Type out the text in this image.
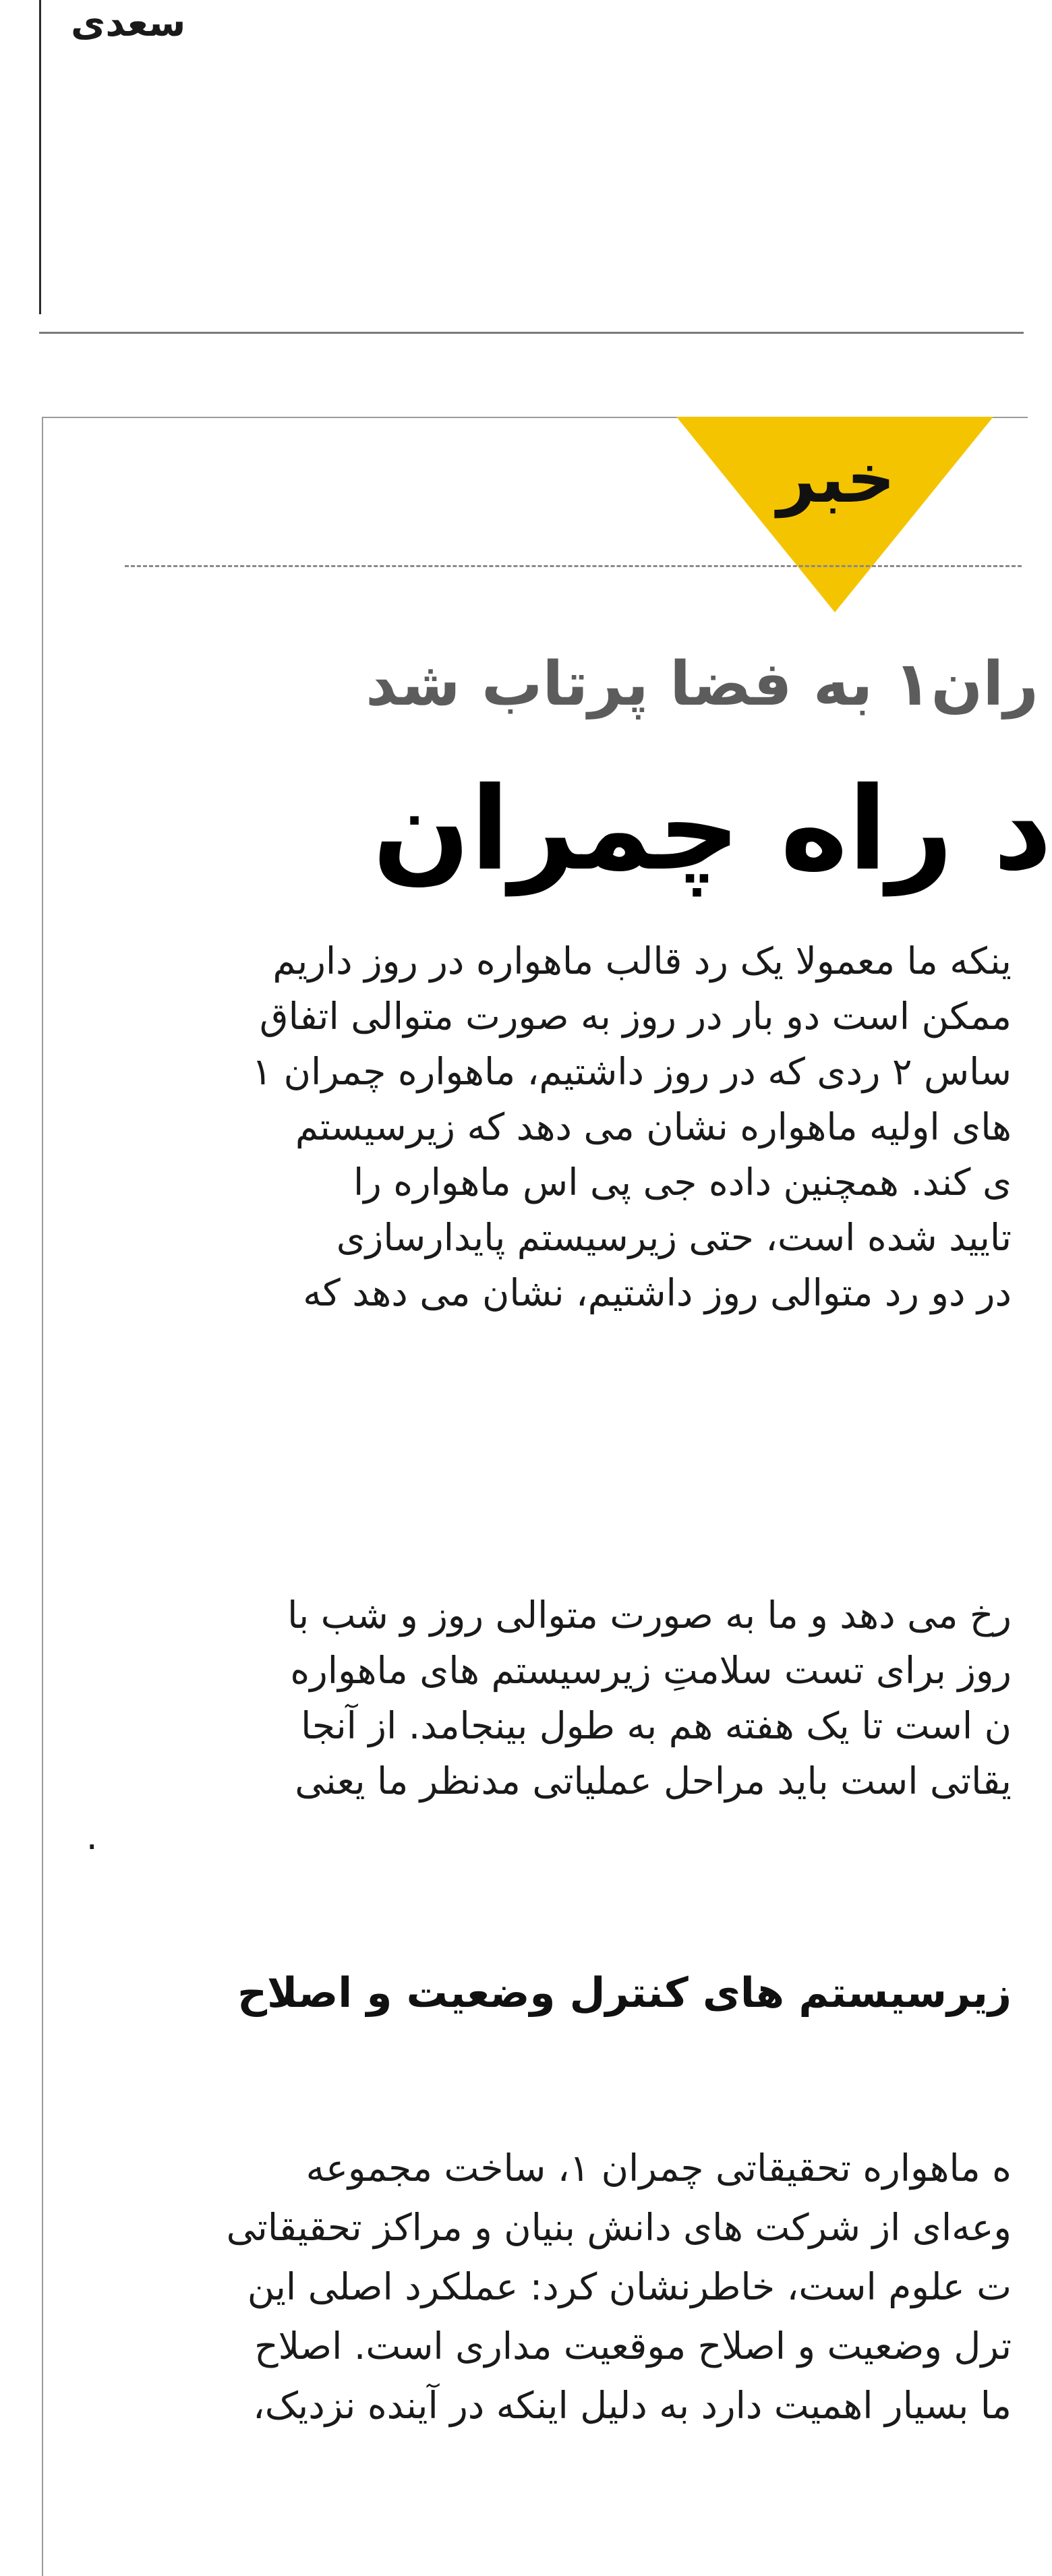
سعدی
خبر
ران۱ به فضا پرتاب شد
د راه چمران
ینکه ما معمولا یک رد قالب ماهواره در روز داریم
ممکن است دو بار در روز به صورت متوالی اتفاق
ساس ۲ ردی که در روز داشتیم، ماهواره چمران ۱
های اولیه ماهواره نشان می دهد که زیرسیستم
ی کند. همچنین داده جی پی اس ماهواره را
تایید شده است، حتی زیرسیستم پایدارسازی
در دو رد متوالی روز داشتیم، نشان می دهد که
رخ می دهد و ما به صورت متوالی روز و شب با
روز برای تست سلامتِ زیرسیستم های ماهواره
ن است تا یک هفته هم به طول بینجامد. از آنجا
یقاتی است باید مراحل عملیاتی مدنظر ما یعنی
.
زیرسیستم های کنترل وضعیت و اصلاح
ه ماهواره تحقیقاتی چمران ۱، ساخت مجموعه
وعه‌ای از شرکت های دانش بنیان و مراکز تحقیقاتی
ت علوم است، خاطرنشان کرد: عملکرد اصلی این
ترل وضعیت و اصلاح موقعیت مداری است. اصلاح
ما بسیار اهمیت دارد به دلیل اینکه در آینده نزدیک،
